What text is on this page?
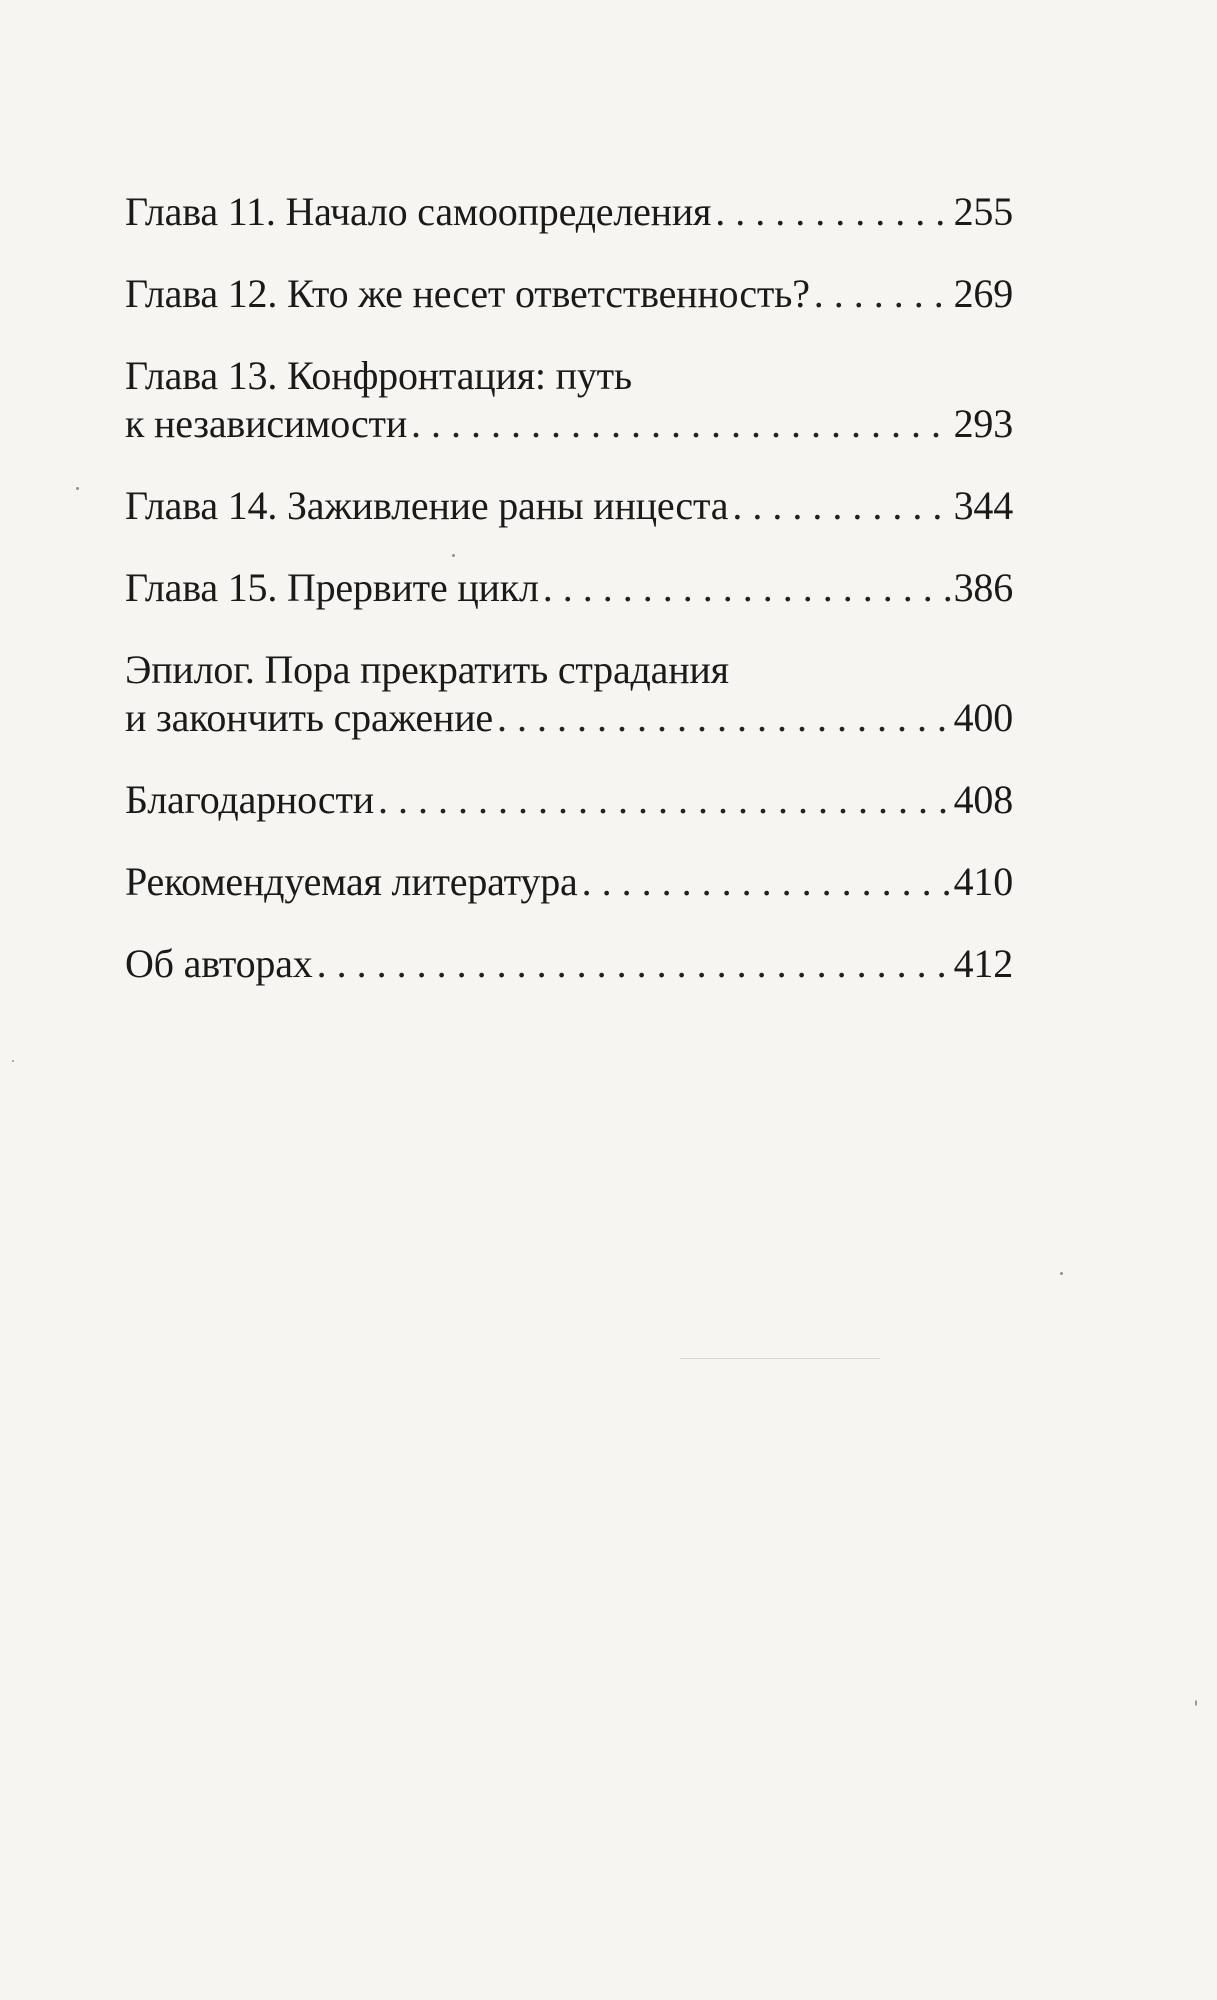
Глава 11. Начало самоопределения . . .	255
Глава 12. Кто же несет ответственность? . . .	269
Глава 13. Конфронтация: путь
к независимости . . .	293
Глава 14. Заживление раны инцеста . . .	344
Глава 15. Прервите цикл . . .	386
Эпилог. Пора прекратить страдания
и закончить сражение . . .	400
Благодарности . . .	408
Рекомендуемая литература . . .	410
Об авторах . . .	412
